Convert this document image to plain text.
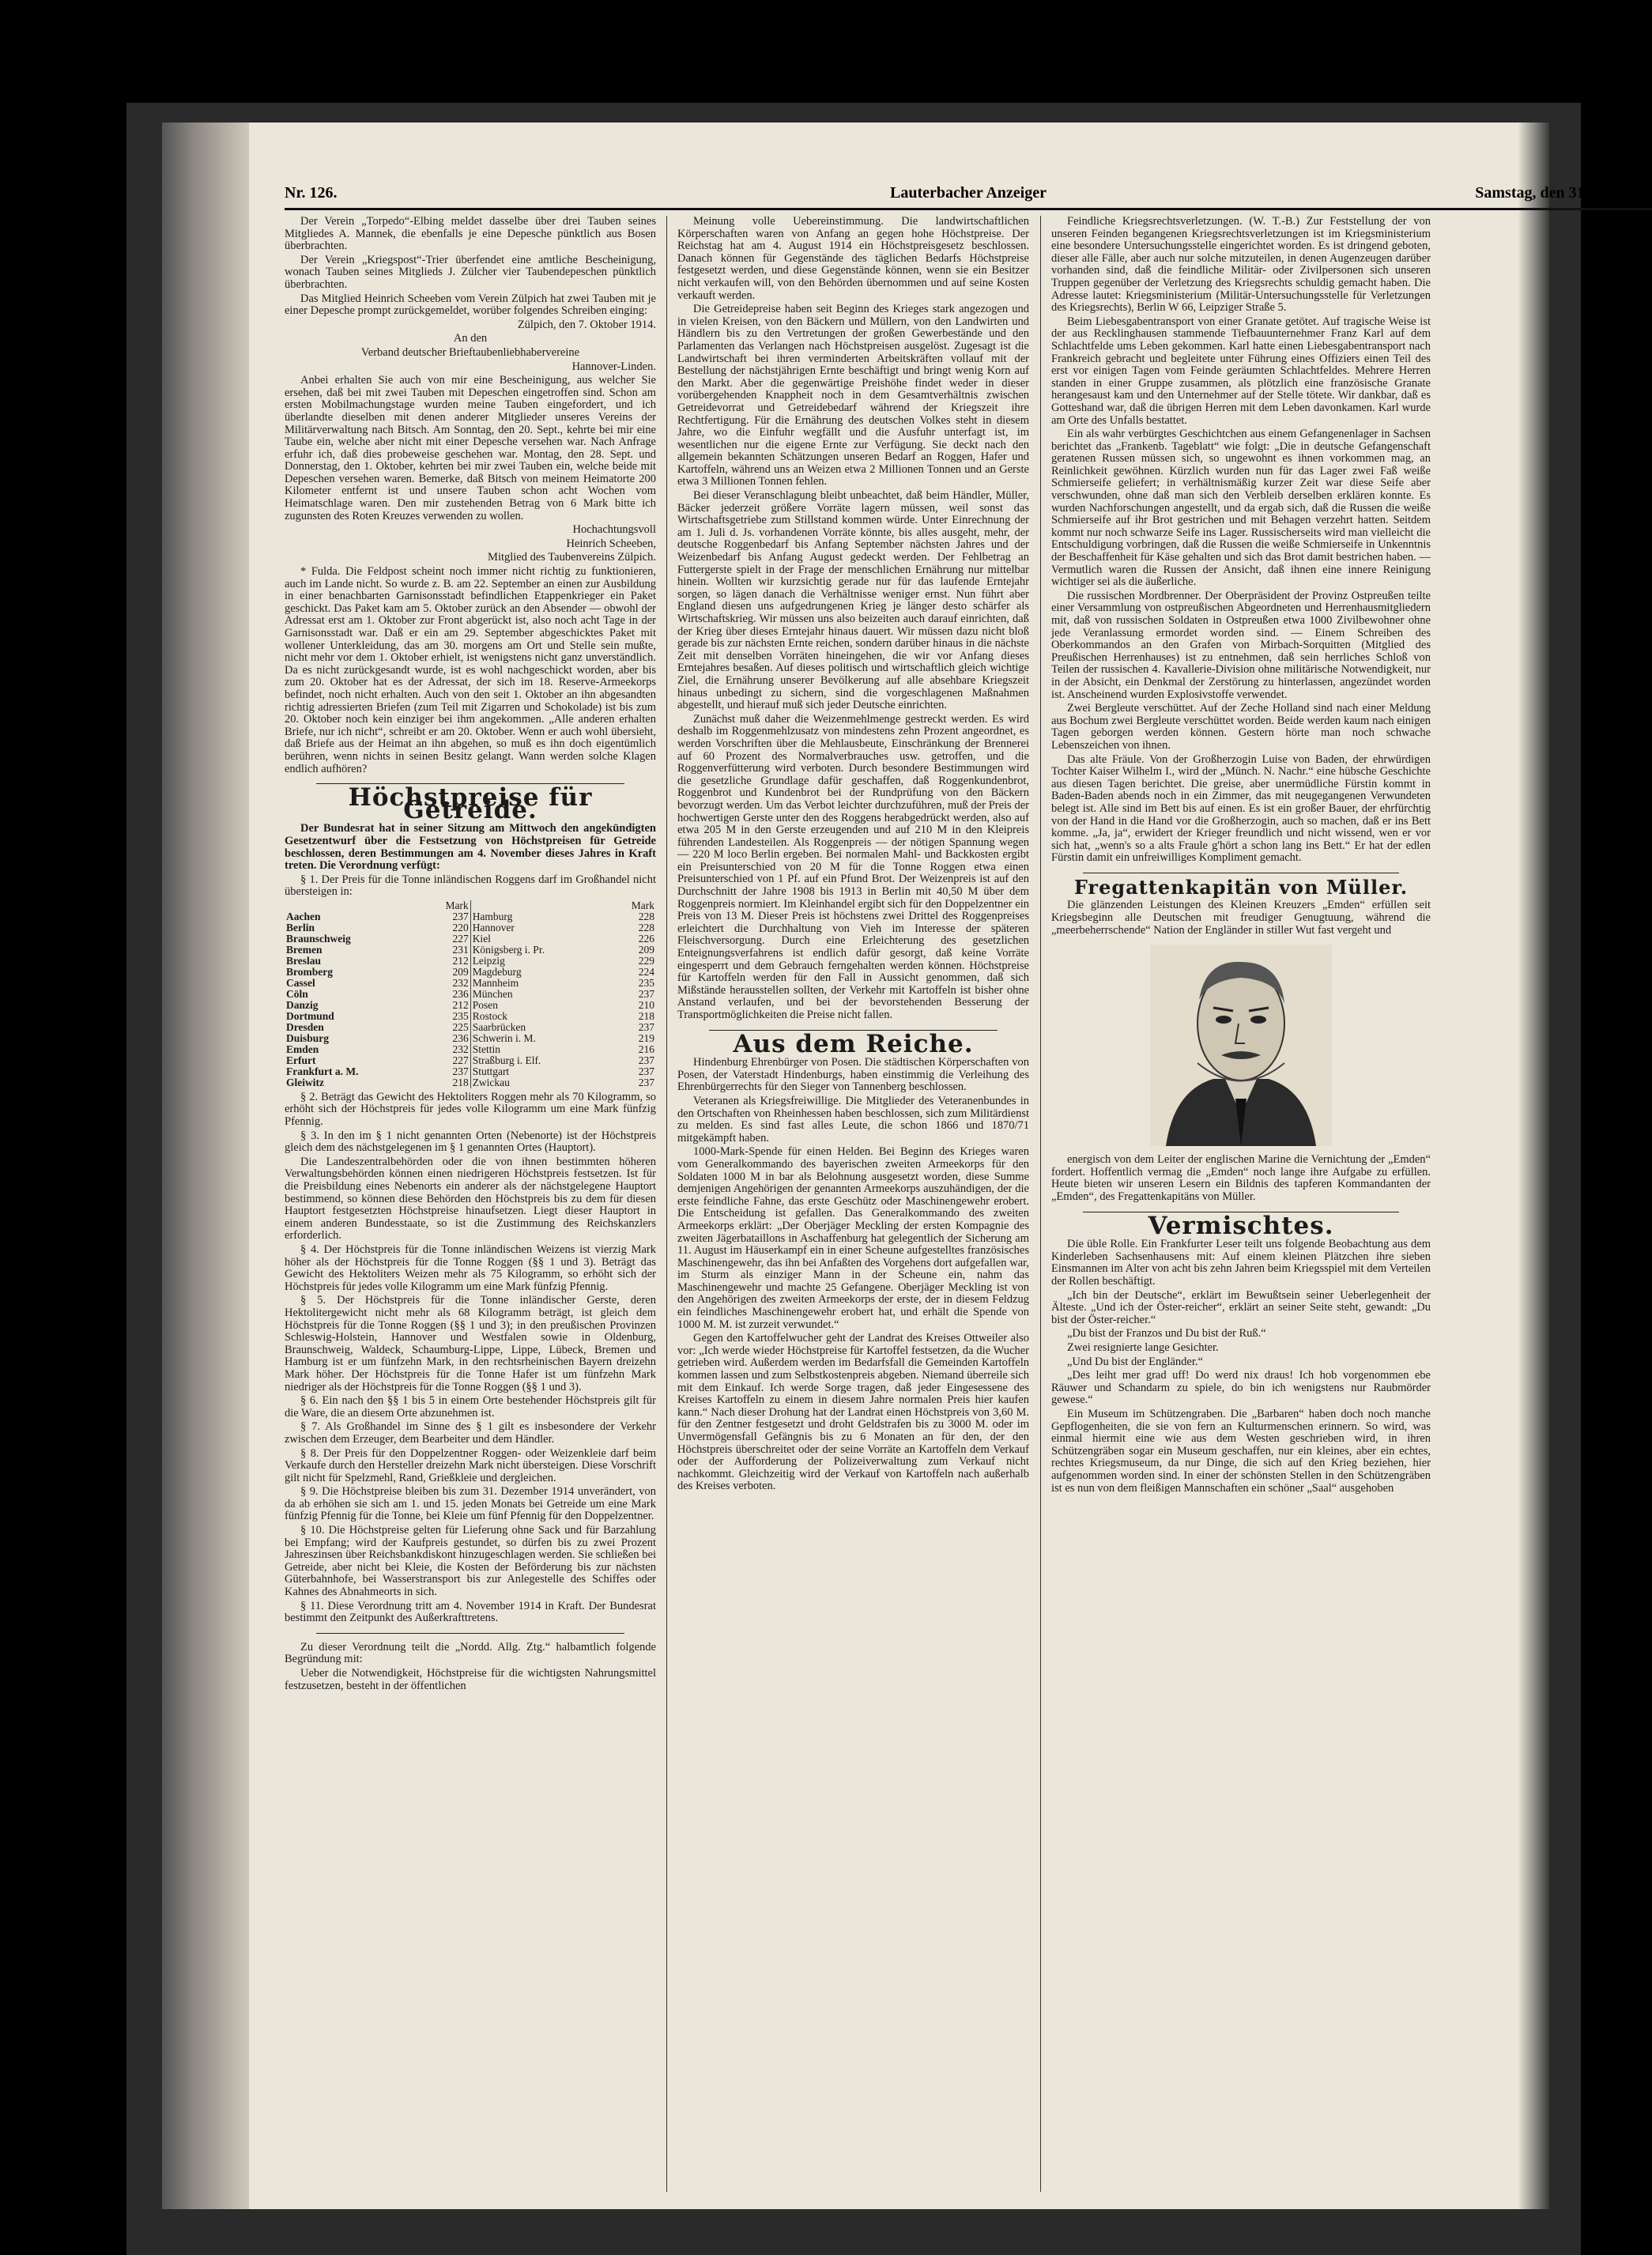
Nr. 126.	Lauterbacher Anzeiger	Samstag, den 31. Oktober.

Der Verein „Torpedo“-Elbing meldet dasselbe über drei Tauben seines Mitgliedes A. Mannek, die ebenfalls je eine Depesche pünktlich aus Bosen überbrachten.

Der Verein „Kriegspost“-Trier überfendet eine amtliche Bescheinigung, wonach Tauben seines Mitglieds J. Zülcher vier Taubendepeschen pünktlich überbrachten.

Das Mitglied Heinrich Scheeben vom Verein Zülpich hat zwei Tauben mit je einer Depesche prompt zurückgemeldet, worüber folgendes Schreiben einging:

Zülpich, den 7. Oktober 1914.

An den

Verband deutscher Brieftaubenliebhabervereine

Hannover-Linden.

Anbei erhalten Sie auch von mir eine Bescheinigung, aus welcher Sie ersehen, daß bei mit zwei Tauben mit Depeschen eingetroffen sind. Schon am ersten Mobilmachungstage wurden meine Tauben eingefordert, und ich überlandte dieselben mit denen anderer Mitglieder unseres Vereins der Militärverwaltung nach Bitsch. Am Sonntag, den 20. Sept., kehrte bei mir eine Taube ein, welche aber nicht mit einer Depesche versehen war. Nach Anfrage erfuhr ich, daß dies probeweise geschehen war. Montag, den 28. Sept. und Donnerstag, den 1. Oktober, kehrten bei mir zwei Tauben ein, welche beide mit Depeschen versehen waren. Bemerke, daß Bitsch von meinem Heimatorte 200 Kilometer entfernt ist und unsere Tauben schon acht Wochen vom Heimatschlage waren. Den mir zustehenden Betrag von 6 Mark bitte ich zugunsten des Roten Kreuzes verwenden zu wollen.

Hochachtungsvoll

Heinrich Scheeben,

Mitglied des Taubenvereins Zülpich.

* Fulda. Die Feldpost scheint noch immer nicht richtig zu funktionieren, auch im Lande nicht. So wurde z. B. am 22. September an einen zur Ausbildung in einer benachbarten Garnisonsstadt befindlichen Etappenkrieger ein Paket geschickt. Das Paket kam am 5. Oktober zurück an den Absender — obwohl der Adressat erst am 1. Oktober zur Front abgerückt ist, also noch acht Tage in der Garnisonsstadt war. Daß er ein am 29. September abgeschicktes Paket mit wollener Unterkleidung, das am 30. morgens am Ort und Stelle sein mußte, nicht mehr vor dem 1. Oktober erhielt, ist wenigstens nicht ganz unverständlich. Da es nicht zurückgesandt wurde, ist es wohl nachgeschickt worden, aber bis zum 20. Oktober hat es der Adressat, der sich im 18. Reserve-Armeekorps befindet, noch nicht erhalten. Auch von den seit 1. Oktober an ihn abgesandten richtig adressierten Briefen (zum Teil mit Zigarren und Schokolade) ist bis zum 20. Oktober noch kein einziger bei ihm angekommen. „Alle anderen erhalten Briefe, nur ich nicht“, schreibt er am 20. Oktober. Wenn er auch wohl übersieht, daß Briefe aus der Heimat an ihn abgehen, so muß es ihn doch eigentümlich berühren, wenn nichts in seinen Besitz gelangt. Wann werden solche Klagen endlich aufhören?

Höchstpreise für Getreide.

Der Bundesrat hat in seiner Sitzung am Mittwoch den angekündigten Gesetzentwurf über die Festsetzung von Höchstpreisen für Getreide beschlossen, deren Bestimmungen am 4. November dieses Jahres in Kraft treten. Die Verordnung verfügt:

§ 1. Der Preis für die Tonne inländischen Roggens darf im Großhandel nicht übersteigen in:

	Mark		Mark
Aachen	237	Hamburg	228
Berlin	220	Hannover	228
Braunschweig	227	Kiel	226
Bremen	231	Königsberg i. Pr.	209
Breslau	212	Leipzig	229
Bromberg	209	Magdeburg	224
Cassel	232	Mannheim	235
Cöln	236	München	237
Danzig	212	Posen	210
Dortmund	235	Rostock	218
Dresden	225	Saarbrücken	237
Duisburg	236	Schwerin i. M.	219
Emden	232	Stettin	216
Erfurt	227	Straßburg i. Elf.	237
Frankfurt a. M.	237	Stuttgart	237
Gleiwitz	218	Zwickau	237

§ 2. Beträgt das Gewicht des Hektoliters Roggen mehr als 70 Kilogramm, so erhöht sich der Höchstpreis für jedes volle Kilogramm um eine Mark fünfzig Pfennig.

§ 3. In den im § 1 nicht genannten Orten (Nebenorte) ist der Höchstpreis gleich dem des nächstgelegenen im § 1 genannten Ortes (Hauptort).

Die Landeszentralbehörden oder die von ihnen bestimmten höheren Verwaltungsbehörden können einen niedrigeren Höchstpreis festsetzen. Ist für die Preisbildung eines Nebenorts ein anderer als der nächstgelegene Hauptort bestimmend, so können diese Behörden den Höchstpreis bis zu dem für diesen Hauptort festgesetzten Höchstpreise hinaufsetzen. Liegt dieser Hauptort in einem anderen Bundesstaate, so ist die Zustimmung des Reichskanzlers erforderlich.

§ 4. Der Höchstpreis für die Tonne inländischen Weizens ist vierzig Mark höher als der Höchstpreis für die Tonne Roggen (§§ 1 und 3). Beträgt das Gewicht des Hektoliters Weizen mehr als 75 Kilogramm, so erhöht sich der Höchstpreis für jedes volle Kilogramm um eine Mark fünfzig Pfennig.

§ 5. Der Höchstpreis für die Tonne inländischer Gerste, deren Hektolitergewicht nicht mehr als 68 Kilogramm beträgt, ist gleich dem Höchstpreis für die Tonne Roggen (§§ 1 und 3); in den preußischen Provinzen Schleswig-Holstein, Hannover und Westfalen sowie in Oldenburg, Braunschweig, Waldeck, Schaumburg-Lippe, Lippe, Lübeck, Bremen und Hamburg ist er um fünfzehn Mark, in den rechtsrheinischen Bayern dreizehn Mark höher. Der Höchstpreis für die Tonne Hafer ist um fünfzehn Mark niedriger als der Höchstpreis für die Tonne Roggen (§§ 1 und 3).

§ 6. Ein nach den §§ 1 bis 5 in einem Orte bestehender Höchstpreis gilt für die Ware, die an diesem Orte abzunehmen ist.

§ 7. Als Großhandel im Sinne des § 1 gilt es insbesondere der Verkehr zwischen dem Erzeuger, dem Bearbeiter und dem Händler.

§ 8. Der Preis für den Doppelzentner Roggen- oder Weizenkleie darf beim Verkaufe durch den Hersteller dreizehn Mark nicht übersteigen. Diese Vorschrift gilt nicht für Spelzmehl, Rand, Grießkleie und dergleichen.

§ 9. Die Höchstpreise bleiben bis zum 31. Dezember 1914 unverändert, von da ab erhöhen sie sich am 1. und 15. jeden Monats bei Getreide um eine Mark fünfzig Pfennig für die Tonne, bei Kleie um fünf Pfennig für den Doppelzentner.

§ 10. Die Höchstpreise gelten für Lieferung ohne Sack und für Barzahlung bei Empfang; wird der Kaufpreis gestundet, so dürfen bis zu zwei Prozent Jahreszinsen über Reichsbankdiskont hinzugeschlagen werden. Sie schließen bei Getreide, aber nicht bei Kleie, die Kosten der Beförderung bis zur nächsten Güterbahnhofe, bei Wasserstransport bis zur Anlegestelle des Schiffes oder Kahnes des Abnahmeorts in sich.

§ 11. Diese Verordnung tritt am 4. November 1914 in Kraft. Der Bundesrat bestimmt den Zeitpunkt des Außerkrafttretens.

Zu dieser Verordnung teilt die „Nordd. Allg. Ztg.“ halbamtlich folgende Begründung mit:

Ueber die Notwendigkeit, Höchstpreise für die wichtigsten Nahrungsmittel festzusetzen, besteht in der öffentlichen

Meinung volle Uebereinstimmung. Die landwirtschaftlichen Körperschaften waren von Anfang an gegen hohe Höchstpreise. Der Reichstag hat am 4. August 1914 ein Höchstpreisgesetz beschlossen. Danach können für Gegenstände des täglichen Bedarfs Höchstpreise festgesetzt werden, und diese Gegenstände können, wenn sie ein Besitzer nicht verkaufen will, von den Behörden übernommen und auf seine Kosten verkauft werden.

Die Getreidepreise haben seit Beginn des Krieges stark angezogen und in vielen Kreisen, von den Bäckern und Müllern, von den Landwirten und Händlern bis zu den Vertretungen der großen Gewerbestände und den Parlamenten das Verlangen nach Höchstpreisen ausgelöst. Zugesagt ist die Landwirtschaft bei ihren verminderten Arbeitskräften vollauf mit der Bestellung der nächstjährigen Ernte beschäftigt und bringt wenig Korn auf den Markt. Aber die gegenwärtige Preishöhe findet weder in dieser vorübergehenden Knappheit noch in dem Gesamtverhältnis zwischen Getreidevorrat und Getreidebedarf während der Kriegszeit ihre Rechtfertigung. Für die Ernährung des deutschen Volkes steht in diesem Jahre, wo die Einfuhr wegfällt und die Ausfuhr unterfagt ist, im wesentlichen nur die eigene Ernte zur Verfügung. Sie deckt nach den allgemein bekannten Schätzungen unseren Bedarf an Roggen, Hafer und Kartoffeln, während uns an Weizen etwa 2 Millionen Tonnen und an Gerste etwa 3 Millionen Tonnen fehlen.

Bei dieser Veranschlagung bleibt unbeachtet, daß beim Händler, Müller, Bäcker jederzeit größere Vorräte lagern müssen, weil sonst das Wirtschaftsgetriebe zum Stillstand kommen würde. Unter Einrechnung der am 1. Juli d. Js. vorhandenen Vorräte könnte, bis alles ausgeht, mehr, der deutsche Roggenbedarf bis Anfang September nächsten Jahres und der Weizenbedarf bis Anfang August gedeckt werden. Der Fehlbetrag an Futtergerste spielt in der Frage der menschlichen Ernährung nur mittelbar hinein. Wollten wir kurzsichtig gerade nur für das laufende Erntejahr sorgen, so lägen danach die Verhältnisse weniger ernst. Nun führt aber England diesen uns aufgedrungenen Krieg je länger desto schärfer als Wirtschaftskrieg. Wir müssen uns also beizeiten auch darauf einrichten, daß der Krieg über dieses Erntejahr hinaus dauert. Wir müssen dazu nicht bloß gerade bis zur nächsten Ernte reichen, sondern darüber hinaus in die nächste Zeit mit denselben Vorräten hineingehen, die wir vor Anfang dieses Erntejahres besaßen. Auf dieses politisch und wirtschaftlich gleich wichtige Ziel, die Ernährung unserer Bevölkerung auf alle absehbare Kriegszeit hinaus unbedingt zu sichern, sind die vorgeschlagenen Maßnahmen abgestellt, und hierauf muß sich jeder Deutsche einrichten.

Zunächst muß daher die Weizenmehlmenge gestreckt werden. Es wird deshalb im Roggenmehlzusatz von mindestens zehn Prozent angeordnet, es werden Vorschriften über die Mehlausbeute, Einschränkung der Brennerei auf 60 Prozent des Normalverbrauches usw. getroffen, und die Roggenverfütterung wird verboten. Durch besondere Bestimmungen wird die gesetzliche Grundlage dafür geschaffen, daß Roggenkundenbrot, Roggenbrot und Kundenbrot bei der Rundprüfung von den Bäckern bevorzugt werden. Um das Verbot leichter durchzuführen, muß der Preis der hochwertigen Gerste unter den des Roggens herabgedrückt werden, also auf etwa 205 M in den Gerste erzeugenden und auf 210 M in den Kleipreis führenden Landesteilen. Als Roggenpreis — der nötigen Spannung wegen — 220 M loco Berlin ergeben. Bei normalen Mahl- und Backkosten ergibt ein Preisunterschied von 20 M für die Tonne Roggen etwa einen Preisunterschied von 1 Pf. auf ein Pfund Brot. Der Weizenpreis ist auf den Durchschnitt der Jahre 1908 bis 1913 in Berlin mit 40,50 M über dem Roggenpreis normiert. Im Kleinhandel ergibt sich für den Doppelzentner ein Preis von 13 M. Dieser Preis ist höchstens zwei Drittel des Roggenpreises erleichtert die Durchhaltung von Vieh im Interesse der späteren Fleischversorgung. Durch eine Erleichterung des gesetzlichen Enteignungsverfahrens ist endlich dafür gesorgt, daß keine Vorräte eingesperrt und dem Gebrauch ferngehalten werden können. Höchstpreise für Kartoffeln werden für den Fall in Aussicht genommen, daß sich Mißstände herausstellen sollten, der Verkehr mit Kartoffeln ist bisher ohne Anstand verlaufen, und bei der bevorstehenden Besserung der Transportmöglichkeiten die Preise nicht fallen.

Aus dem Reiche.

Hindenburg Ehrenbürger von Posen. Die städtischen Körperschaften von Posen, der Vaterstadt Hindenburgs, haben einstimmig die Verleihung des Ehrenbürgerrechts für den Sieger von Tannenberg beschlossen.

Veteranen als Kriegsfreiwillige. Die Mitglieder des Veteranenbundes in den Ortschaften von Rheinhessen haben beschlossen, sich zum Militärdienst zu melden. Es sind fast alles Leute, die schon 1866 und 1870/71 mitgekämpft haben.

1000-Mark-Spende für einen Helden. Bei Beginn des Krieges waren vom Generalkommando des bayerischen zweiten Armeekorps für den Soldaten 1000 M in bar als Belohnung ausgesetzt worden, diese Summe demjenigen Angehörigen der genannten Armeekorps auszuhändigen, der die erste feindliche Fahne, das erste Geschütz oder Maschinengewehr erobert. Die Entscheidung ist gefallen. Das Generalkommando des zweiten Armeekorps erklärt: „Der Oberjäger Meckling der ersten Kompagnie des zweiten Jägerbataillons in Aschaffenburg hat gelegentlich der Sicherung am 11. August im Häuserkampf ein in einer Scheune aufgestelltes französisches Maschinengewehr, das ihn bei Anfaßten des Vorgehens dort aufgefallen war, im Sturm als einziger Mann in der Scheune ein, nahm das Maschinengewehr und machte 25 Gefangene. Oberjäger Meckling ist von den Angehörigen des zweiten Armeekorps der erste, der in diesem Feldzug ein feindliches Maschinengewehr erobert hat, und erhält die Spende von 1000 M. M. ist zurzeit verwundet.“

Gegen den Kartoffelwucher geht der Landrat des Kreises Ottweiler also vor: „Ich werde wieder Höchstpreise für Kartoffel festsetzen, da die Wucher getrieben wird. Außerdem werden im Bedarfsfall die Gemeinden Kartoffeln kommen lassen und zum Selbstkostenpreis abgeben. Niemand überreile sich mit dem Einkauf. Ich werde Sorge tragen, daß jeder Eingesessene des Kreises Kartoffeln zu einem in diesem Jahre normalen Preis hier kaufen kann.“ Nach dieser Drohung hat der Landrat einen Höchstpreis von 3,60 M. für den Zentner festgesetzt und droht Geldstrafen bis zu 3000 M. oder im Unvermögensfall Gefängnis bis zu 6 Monaten an für den, der den Höchstpreis überschreitet oder der seine Vorräte an Kartoffeln dem Verkauf oder der Aufforderung der Polizeiverwaltung zum Verkauf nicht nachkommt. Gleichzeitig wird der Verkauf von Kartoffeln nach außerhalb des Kreises verboten.

Feindliche Kriegsrechtsverletzungen. (W. T.-B.) Zur Feststellung der von unseren Feinden begangenen Kriegsrechtsverletzungen ist im Kriegsministerium eine besondere Untersuchungsstelle eingerichtet worden. Es ist dringend geboten, dieser alle Fälle, aber auch nur solche mitzuteilen, in denen Augenzeugen darüber vorhanden sind, daß die feindliche Militär- oder Zivilpersonen sich unseren Truppen gegenüber der Verletzung des Kriegsrechts schuldig gemacht haben. Die Adresse lautet: Kriegsministerium (Militär-Untersuchungsstelle für Verletzungen des Kriegsrechts), Berlin W 66, Leipziger Straße 5.

Beim Liebesgabentransport von einer Granate getötet. Auf tragische Weise ist der aus Recklinghausen stammende Tiefbauunternehmer Franz Karl auf dem Schlachtfelde ums Leben gekommen. Karl hatte einen Liebesgabentransport nach Frankreich gebracht und begleitete unter Führung eines Offiziers einen Teil des erst vor einigen Tagen vom Feinde geräumten Schlachtfeldes. Mehrere Herren standen in einer Gruppe zusammen, als plötzlich eine französische Granate herangesaust kam und den Unternehmer auf der Stelle tötete. Wir dankbar, daß es Gotteshand war, daß die übrigen Herren mit dem Leben davonkamen. Karl wurde am Orte des Unfalls bestattet.

Ein als wahr verbürgtes Geschichtchen aus einem Gefangenenlager in Sachsen berichtet das „Frankenb. Tageblatt“ wie folgt: „Die in deutsche Gefangenschaft geratenen Russen müssen sich, so ungewohnt es ihnen vorkommen mag, an Reinlichkeit gewöhnen. Kürzlich wurden nun für das Lager zwei Faß weiße Schmierseife geliefert; in verhältnismäßig kurzer Zeit war diese Seife aber verschwunden, ohne daß man sich den Verbleib derselben erklären konnte. Es wurden Nachforschungen angestellt, und da ergab sich, daß die Russen die weiße Schmierseife auf ihr Brot gestrichen und mit Behagen verzehrt hatten. Seitdem kommt nur noch schwarze Seife ins Lager. Russischerseits wird man vielleicht die Entschuldigung vorbringen, daß die Russen die weiße Schmierseife in Unkenntnis der Beschaffenheit für Käse gehalten und sich das Brot damit bestrichen haben. — Vermutlich waren die Russen der Ansicht, daß ihnen eine innere Reinigung wichtiger sei als die äußerliche.

Die russischen Mordbrenner. Der Oberpräsident der Provinz Ostpreußen teilte einer Versammlung von ostpreußischen Abgeordneten und Herrenhausmitgliedern mit, daß von russischen Soldaten in Ostpreußen etwa 1000 Zivilbewohner ohne jede Veranlassung ermordet worden sind. — Einem Schreiben des Oberkommandos an den Grafen von Mirbach-Sorquitten (Mitglied des Preußischen Herrenhauses) ist zu entnehmen, daß sein herrliches Schloß von Teilen der russischen 4. Kavallerie-Division ohne militärische Notwendigkeit, nur in der Absicht, ein Denkmal der Zerstörung zu hinterlassen, angezündet worden ist. Anscheinend wurden Explosivstoffe verwendet.

Zwei Bergleute verschüttet. Auf der Zeche Holland sind nach einer Meldung aus Bochum zwei Bergleute verschüttet worden. Beide werden kaum nach einigen Tagen geborgen werden können. Gestern hörte man noch schwache Lebenszeichen von ihnen.

Das alte Fräule. Von der Großherzogin Luise von Baden, der ehrwürdigen Tochter Kaiser Wilhelm I., wird der „Münch. N. Nachr.“ eine hübsche Geschichte aus diesen Tagen berichtet. Die greise, aber unermüdliche Fürstin kommt in Baden-Baden abends noch in ein Zimmer, das mit neugegangenen Verwundeten belegt ist. Alle sind im Bett bis auf einen. Es ist ein großer Bauer, der ehrfürchtig von der Hand in die Hand vor die Großherzogin, auch so machen, daß er ins Bett komme. „Ja, ja“, erwidert der Krieger freundlich und nicht wissend, wen er vor sich hat, „wenn's so a alts Fraule g'hört a schon lang ins Bett.“ Er hat der edlen Fürstin damit ein unfreiwilliges Kompliment gemacht.

Fregattenkapitän von Müller.

Die glänzenden Leistungen des Kleinen Kreuzers „Emden“ erfüllen seit Kriegsbeginn alle Deutschen mit freudiger Genugtuung, während die „meerbeherrschende“ Nation der Engländer in stiller Wut fast vergeht und

energisch von dem Leiter der englischen Marine die Vernichtung der „Emden“ fordert. Hoffentlich vermag die „Emden“ noch lange ihre Aufgabe zu erfüllen. Heute bieten wir unseren Lesern ein Bildnis des tapferen Kommandanten der „Emden“, des Fregattenkapitäns von Müller.

Vermischtes.

Die üble Rolle. Ein Frankfurter Leser teilt uns folgende Beobachtung aus dem Kinderleben Sachsenhausens mit: Auf einem kleinen Plätzchen ihre sieben Einsmannen im Alter von acht bis zehn Jahren beim Kriegsspiel mit dem Verteilen der Rollen beschäftigt.

„Ich bin der Deutsche“, erklärt im Bewußtsein seiner Ueberlegenheit der Älteste. „Und ich der Öster-reicher“, erklärt an seiner Seite steht, gewandt: „Du bist der Öster-reicher.“

„Du bist der Franzos und Du bist der Ruß.“

Zwei resignierte lange Gesichter.

„Und Du bist der Engländer.“

„Des leiht mer grad uff! Do werd nix draus! Ich hob vorgenommen ebe Räuwer und Schandarm zu spiele, do bin ich wenigstens nur Raubmörder gewese.“

Ein Museum im Schützengraben. Die „Barbaren“ haben doch noch manche Gepflogenheiten, die sie von fern an Kulturmenschen erinnern. So wird, was einmal hiermit eine wie aus dem Westen geschrieben wird, in ihren Schützengräben sogar ein Museum geschaffen, nur ein kleines, aber ein echtes, rechtes Kriegsmuseum, da nur Dinge, die sich auf den Krieg beziehen, hier aufgenommen worden sind. In einer der schönsten Stellen in den Schützengräben ist es nun von dem fleißigen Mannschaften ein schöner „Saal“ ausgehoben
